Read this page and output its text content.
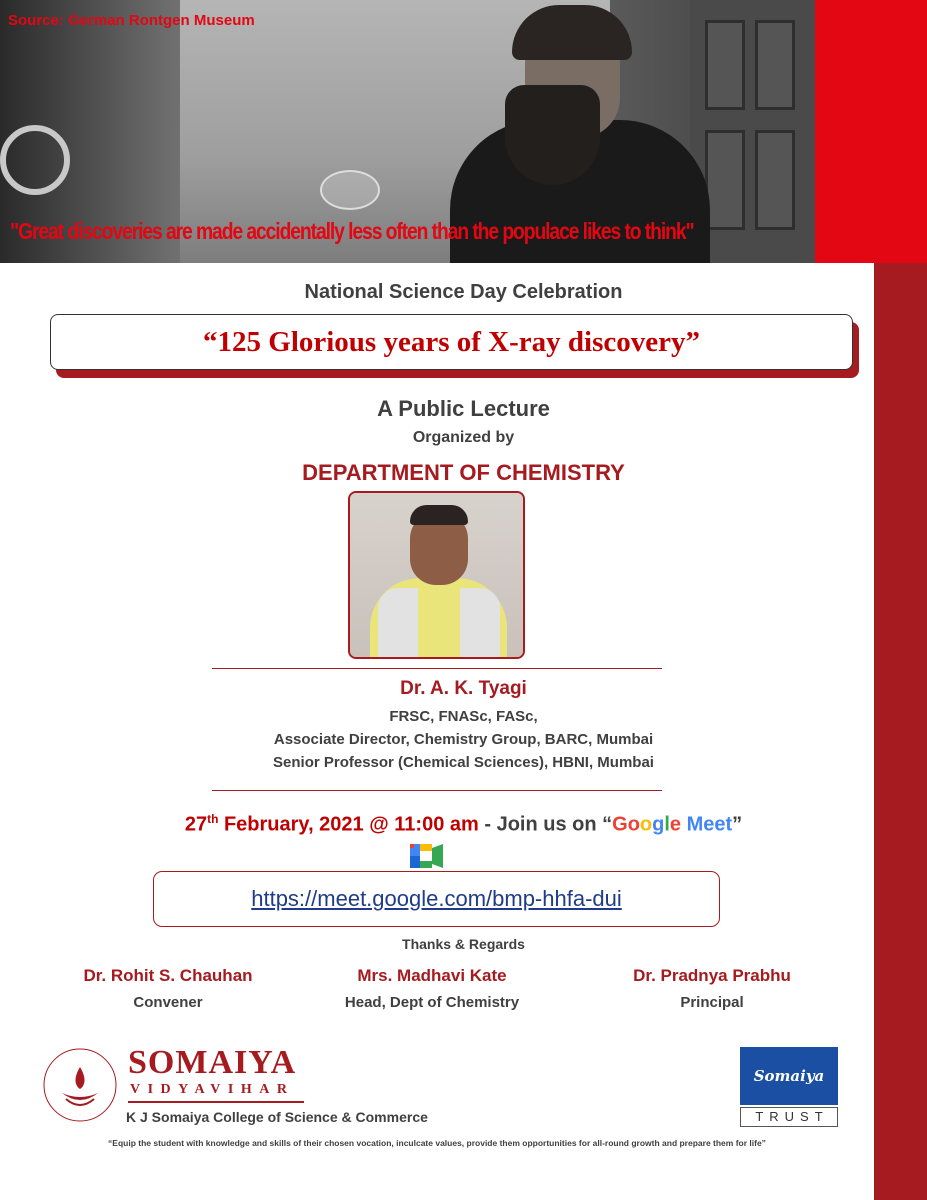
Source: German Rontgen Museum
"Great discoveries are made accidentally less often than the populace likes to think"
National Science Day Celebration
“125 Glorious years of X-ray discovery”
A Public Lecture
Organized by
DEPARTMENT OF CHEMISTRY
Dr. A. K. Tyagi
FRSC, FNASc, FASc,
Associate Director, Chemistry Group, BARC, Mumbai
Senior Professor (Chemical Sciences), HBNI, Mumbai
27th February, 2021 @ 11:00 am - Join us on “Google Meet”
https://meet.google.com/bmp-hhfa-dui
Thanks & Regards
Dr. Rohit S. Chauhan
Convener
Mrs. Madhavi Kate
Head, Dept of Chemistry
Dr. Pradnya Prabhu
Principal
SOMAIYA
VIDYAVIHAR
K J Somaiya College of Science & Commerce
Somaiya
TRUST
“Equip the student with knowledge and skills of their chosen vocation, inculcate values, provide them opportunities for all-round growth and prepare them for life”
